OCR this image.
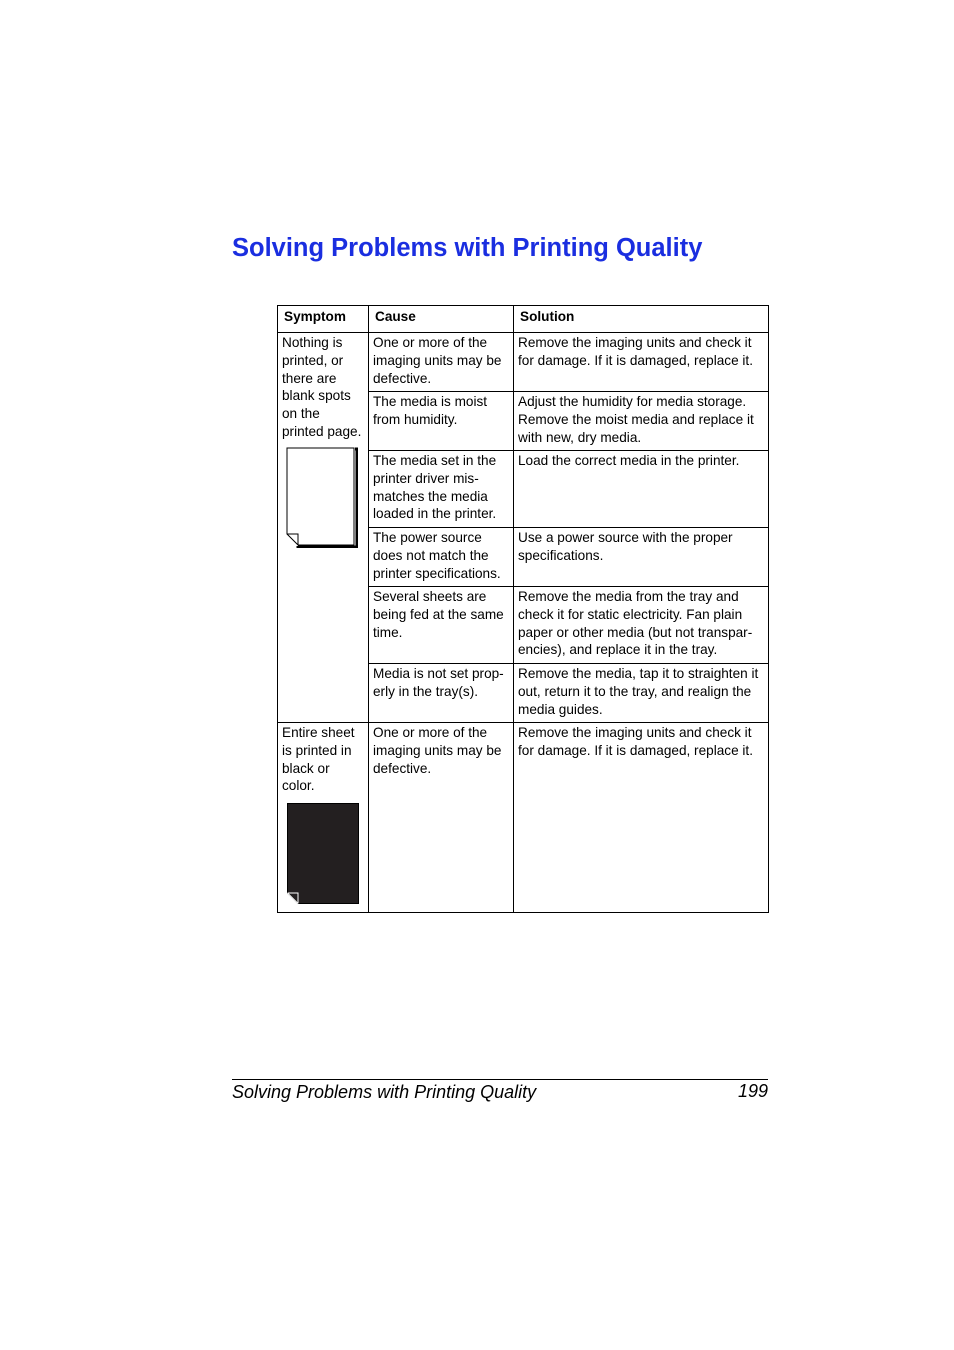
Solving Problems with Printing Quality
Symptom	Cause	Solution

Nothing is printed, or there are blank spots on the printed page.	One or more of the imaging units may be defective.	Remove the imaging units and check it for damage. If it is damaged, replace it.
	The media is moist from humidity.	Adjust the humidity for media storage. Remove the moist media and replace it with new, dry media.
	The media set in the printer driver mis-matches the media loaded in the printer.	Load the correct media in the printer.
	The power source does not match the printer specifications.	Use a power source with the proper specifications.
	Several sheets are being fed at the same time.	Remove the media from the tray and check it for static electricity. Fan plain paper or other media (but not transpar-encies), and replace it in the tray.
	Media is not set prop-erly in the tray(s).	Remove the media, tap it to straighten it out, return it to the tray, and realign the media guides.

Entire sheet is printed in black or color.	One or more of the imaging units may be defective.	Remove the imaging units and check it for damage. If it is damaged, replace it.
Solving Problems with Printing Quality	199
